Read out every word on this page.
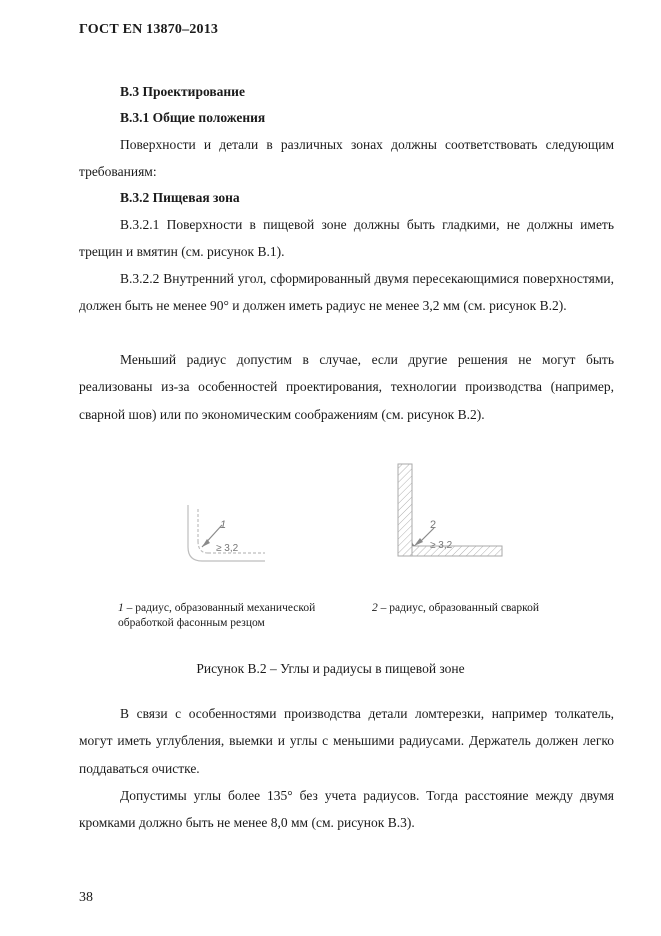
ГОСТ EN 13870–2013
В.3 Проектирование
В.3.1 Общие положения

Поверхности и детали в различных зонах должны соответствовать следующим требованиям:

В.3.2 Пищевая зона

В.3.2.1 Поверхности в пищевой зоне должны быть гладкими, не должны иметь трещин и вмятин (см. рисунок В.1).

В.3.2.2 Внутренний угол, сформированный двумя пересекающимися поверхностями, должен быть не менее 90° и должен иметь радиус не менее 3,2 мм (см. рисунок В.2).

Меньший радиус допустим в случае, если другие решения не могут быть реализованы из-за особенностей проектирования, технологии производства (например, сварной шов) или по экономическим соображениям (см. рисунок В.2).

1
≥ 3,2
2
≥ 3,2
1 – радиус, образованный механической обработкой фасонным резцом
2 – радиус, образованный сваркой
Рисунок В.2 – Углы и радиусы в пищевой зоне

В связи с особенностями производства детали ломтерезки, например толкатель, могут иметь углубления, выемки и углы с меньшими радиусами. Держатель должен легко поддаваться очистке.

Допустимы углы более 135° без учета радиусов. Тогда расстояние между двумя кромками должно быть не менее 8,0 мм (см. рисунок В.3).

38
